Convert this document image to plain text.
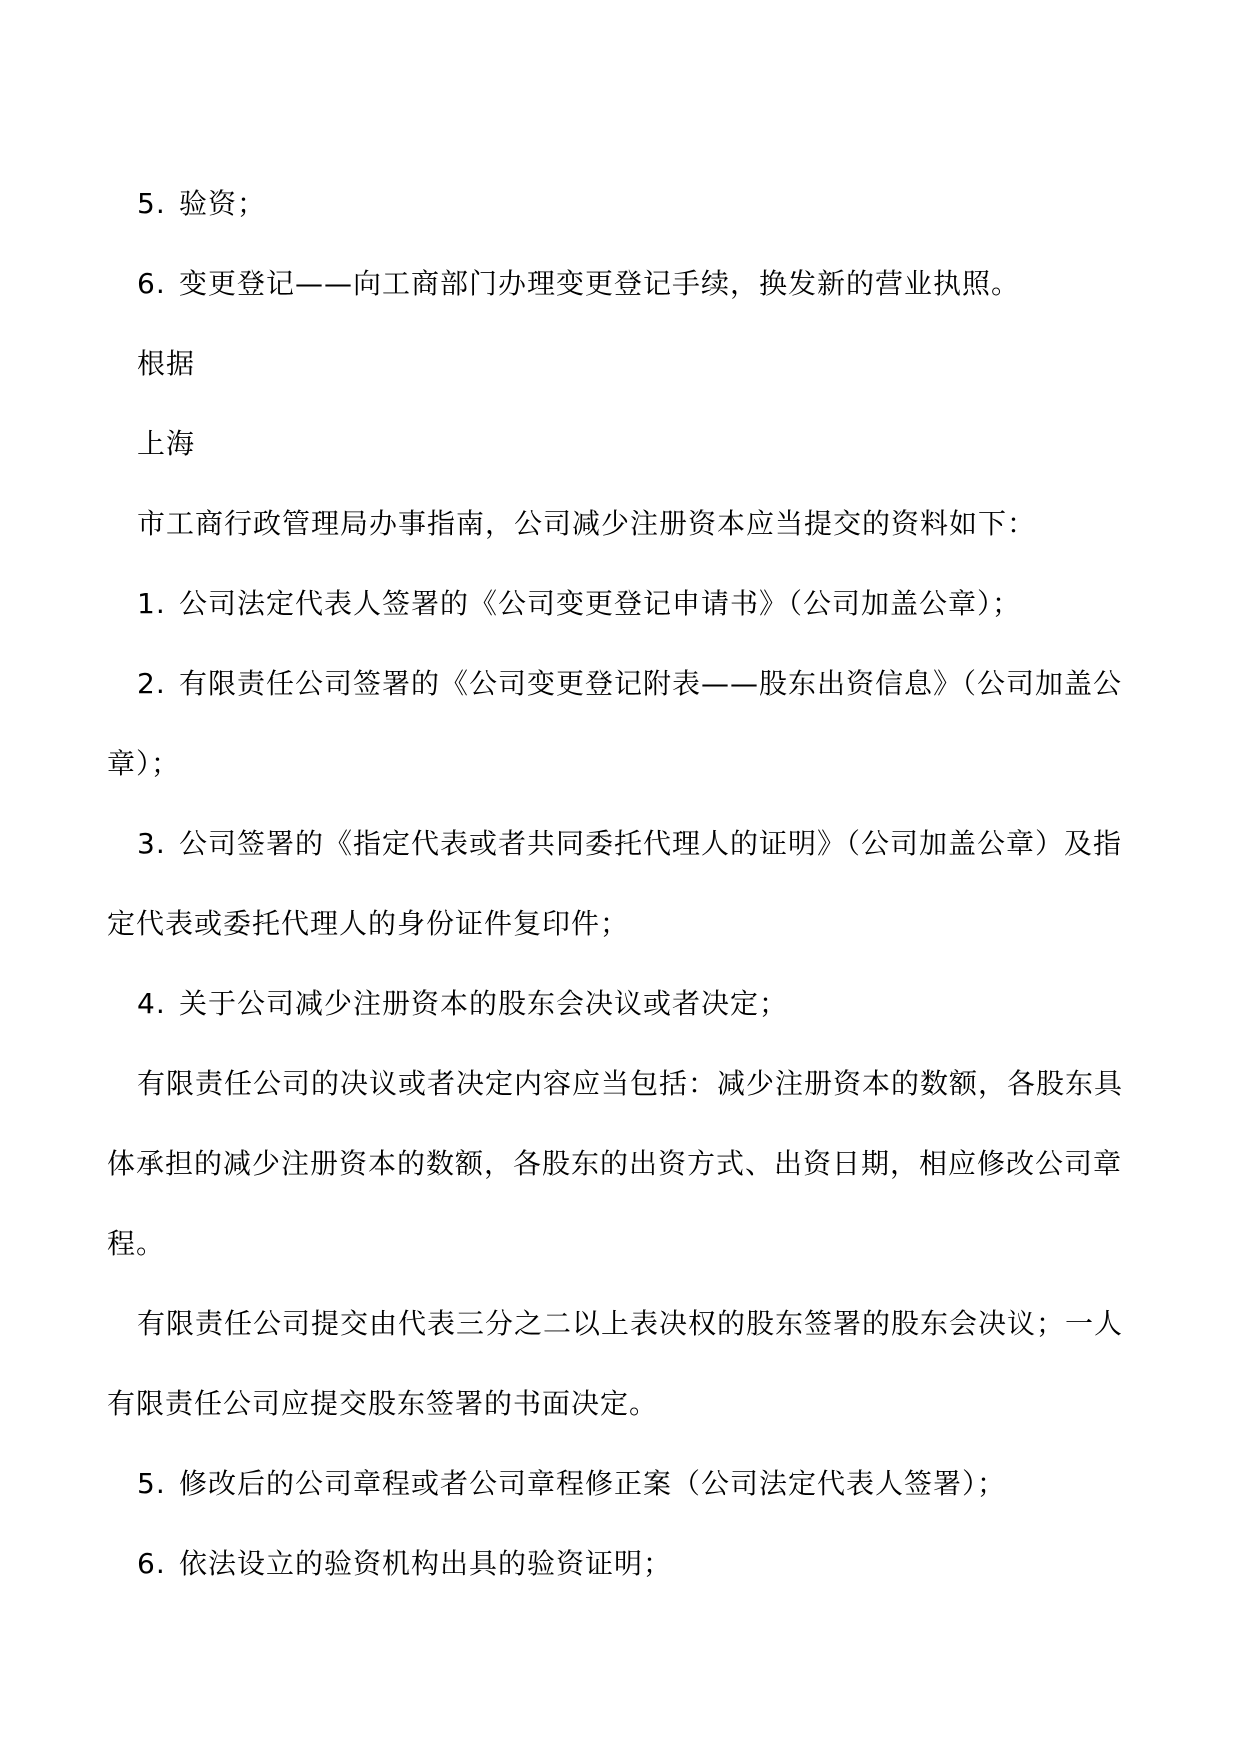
5. 验资；

6. 变更登记——向工商部门办理变更登记手续，换发新的营业执照。

根据

上海

市工商行政管理局办事指南，公司减少注册资本应当提交的资料如下：

1. 公司法定代表人签署的《公司变更登记申请书》（公司加盖公章）；

2. 有限责任公司签署的《公司变更登记附表——股东出资信息》（公司加盖公章）；

3. 公司签署的《指定代表或者共同委托代理人的证明》（公司加盖公章）及指定代表或委托代理人的身份证件复印件；

4. 关于公司减少注册资本的股东会决议或者决定；

有限责任公司的决议或者决定内容应当包括：减少注册资本的数额，各股东具体承担的减少注册资本的数额，各股东的出资方式、出资日期，相应修改公司章程。

有限责任公司提交由代表三分之二以上表决权的股东签署的股东会决议；一人有限责任公司应提交股东签署的书面决定。

5. 修改后的公司章程或者公司章程修正案（公司法定代表人签署）；

6. 依法设立的验资机构出具的验资证明；
